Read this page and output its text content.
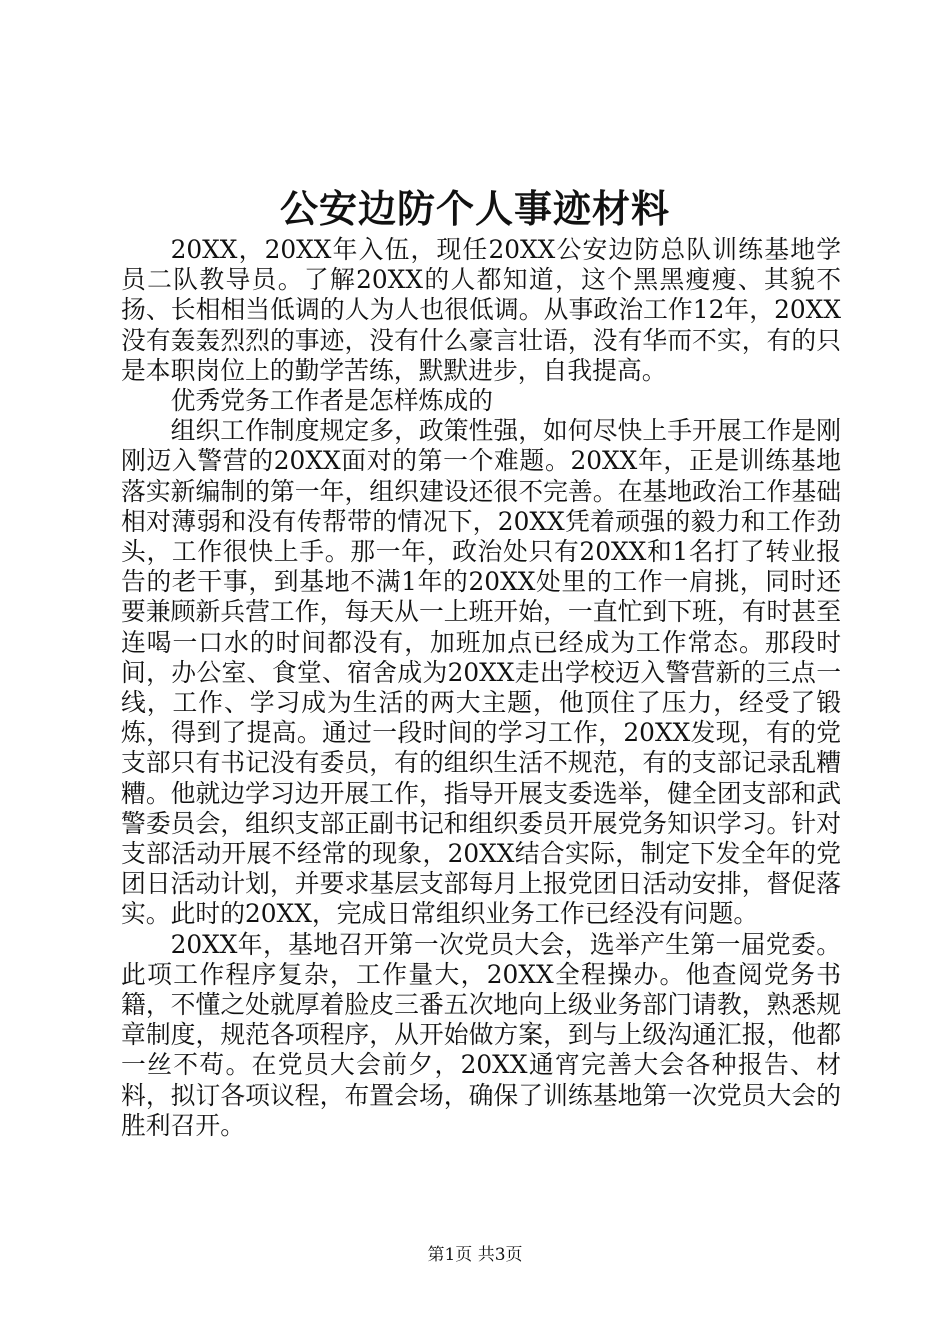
公安边防个人事迹材料

20XX，20XX年入伍，现任20XX公安边防总队训练基地学员二队教导员。了解20XX的人都知道，这个黑黑瘦瘦、其貌不扬、长相相当低调的人为人也很低调。从事政治工作12年，20XX没有轰轰烈烈的事迹，没有什么豪言壮语，没有华而不实，有的只是本职岗位上的勤学苦练，默默进步，自我提高。

优秀党务工作者是怎样炼成的

组织工作制度规定多，政策性强，如何尽快上手开展工作是刚刚迈入警营的20XX面对的第一个难题。20XX年，正是训练基地落实新编制的第一年，组织建设还很不完善。在基地政治工作基础相对薄弱和没有传帮带的情况下，20XX凭着顽强的毅力和工作劲头，工作很快上手。那一年，政治处只有20XX和1名打了转业报告的老干事，到基地不满1年的20XX处里的工作一肩挑，同时还要兼顾新兵营工作，每天从一上班开始，一直忙到下班，有时甚至连喝一口水的时间都没有，加班加点已经成为工作常态。那段时间，办公室、食堂、宿舍成为20XX走出学校迈入警营新的三点一线，工作、学习成为生活的两大主题，他顶住了压力，经受了锻炼，得到了提高。通过一段时间的学习工作，20XX发现，有的党支部只有书记没有委员，有的组织生活不规范，有的支部记录乱糟糟。他就边学习边开展工作，指导开展支委选举，健全团支部和武警委员会，组织支部正副书记和组织委员开展党务知识学习。针对支部活动开展不经常的现象，20XX结合实际，制定下发全年的党团日活动计划，并要求基层支部每月上报党团日活动安排，督促落实。此时的20XX，完成日常组织业务工作已经没有问题。

20XX年，基地召开第一次党员大会，选举产生第一届党委。此项工作程序复杂，工作量大，20XX全程操办。他查阅党务书籍，不懂之处就厚着脸皮三番五次地向上级业务部门请教，熟悉规章制度，规范各项程序，从开始做方案，到与上级沟通汇报，他都一丝不苟。在党员大会前夕，20XX通宵完善大会各种报告、材料，拟订各项议程，布置会场，确保了训练基地第一次党员大会的胜利召开。

第1页 共3页
